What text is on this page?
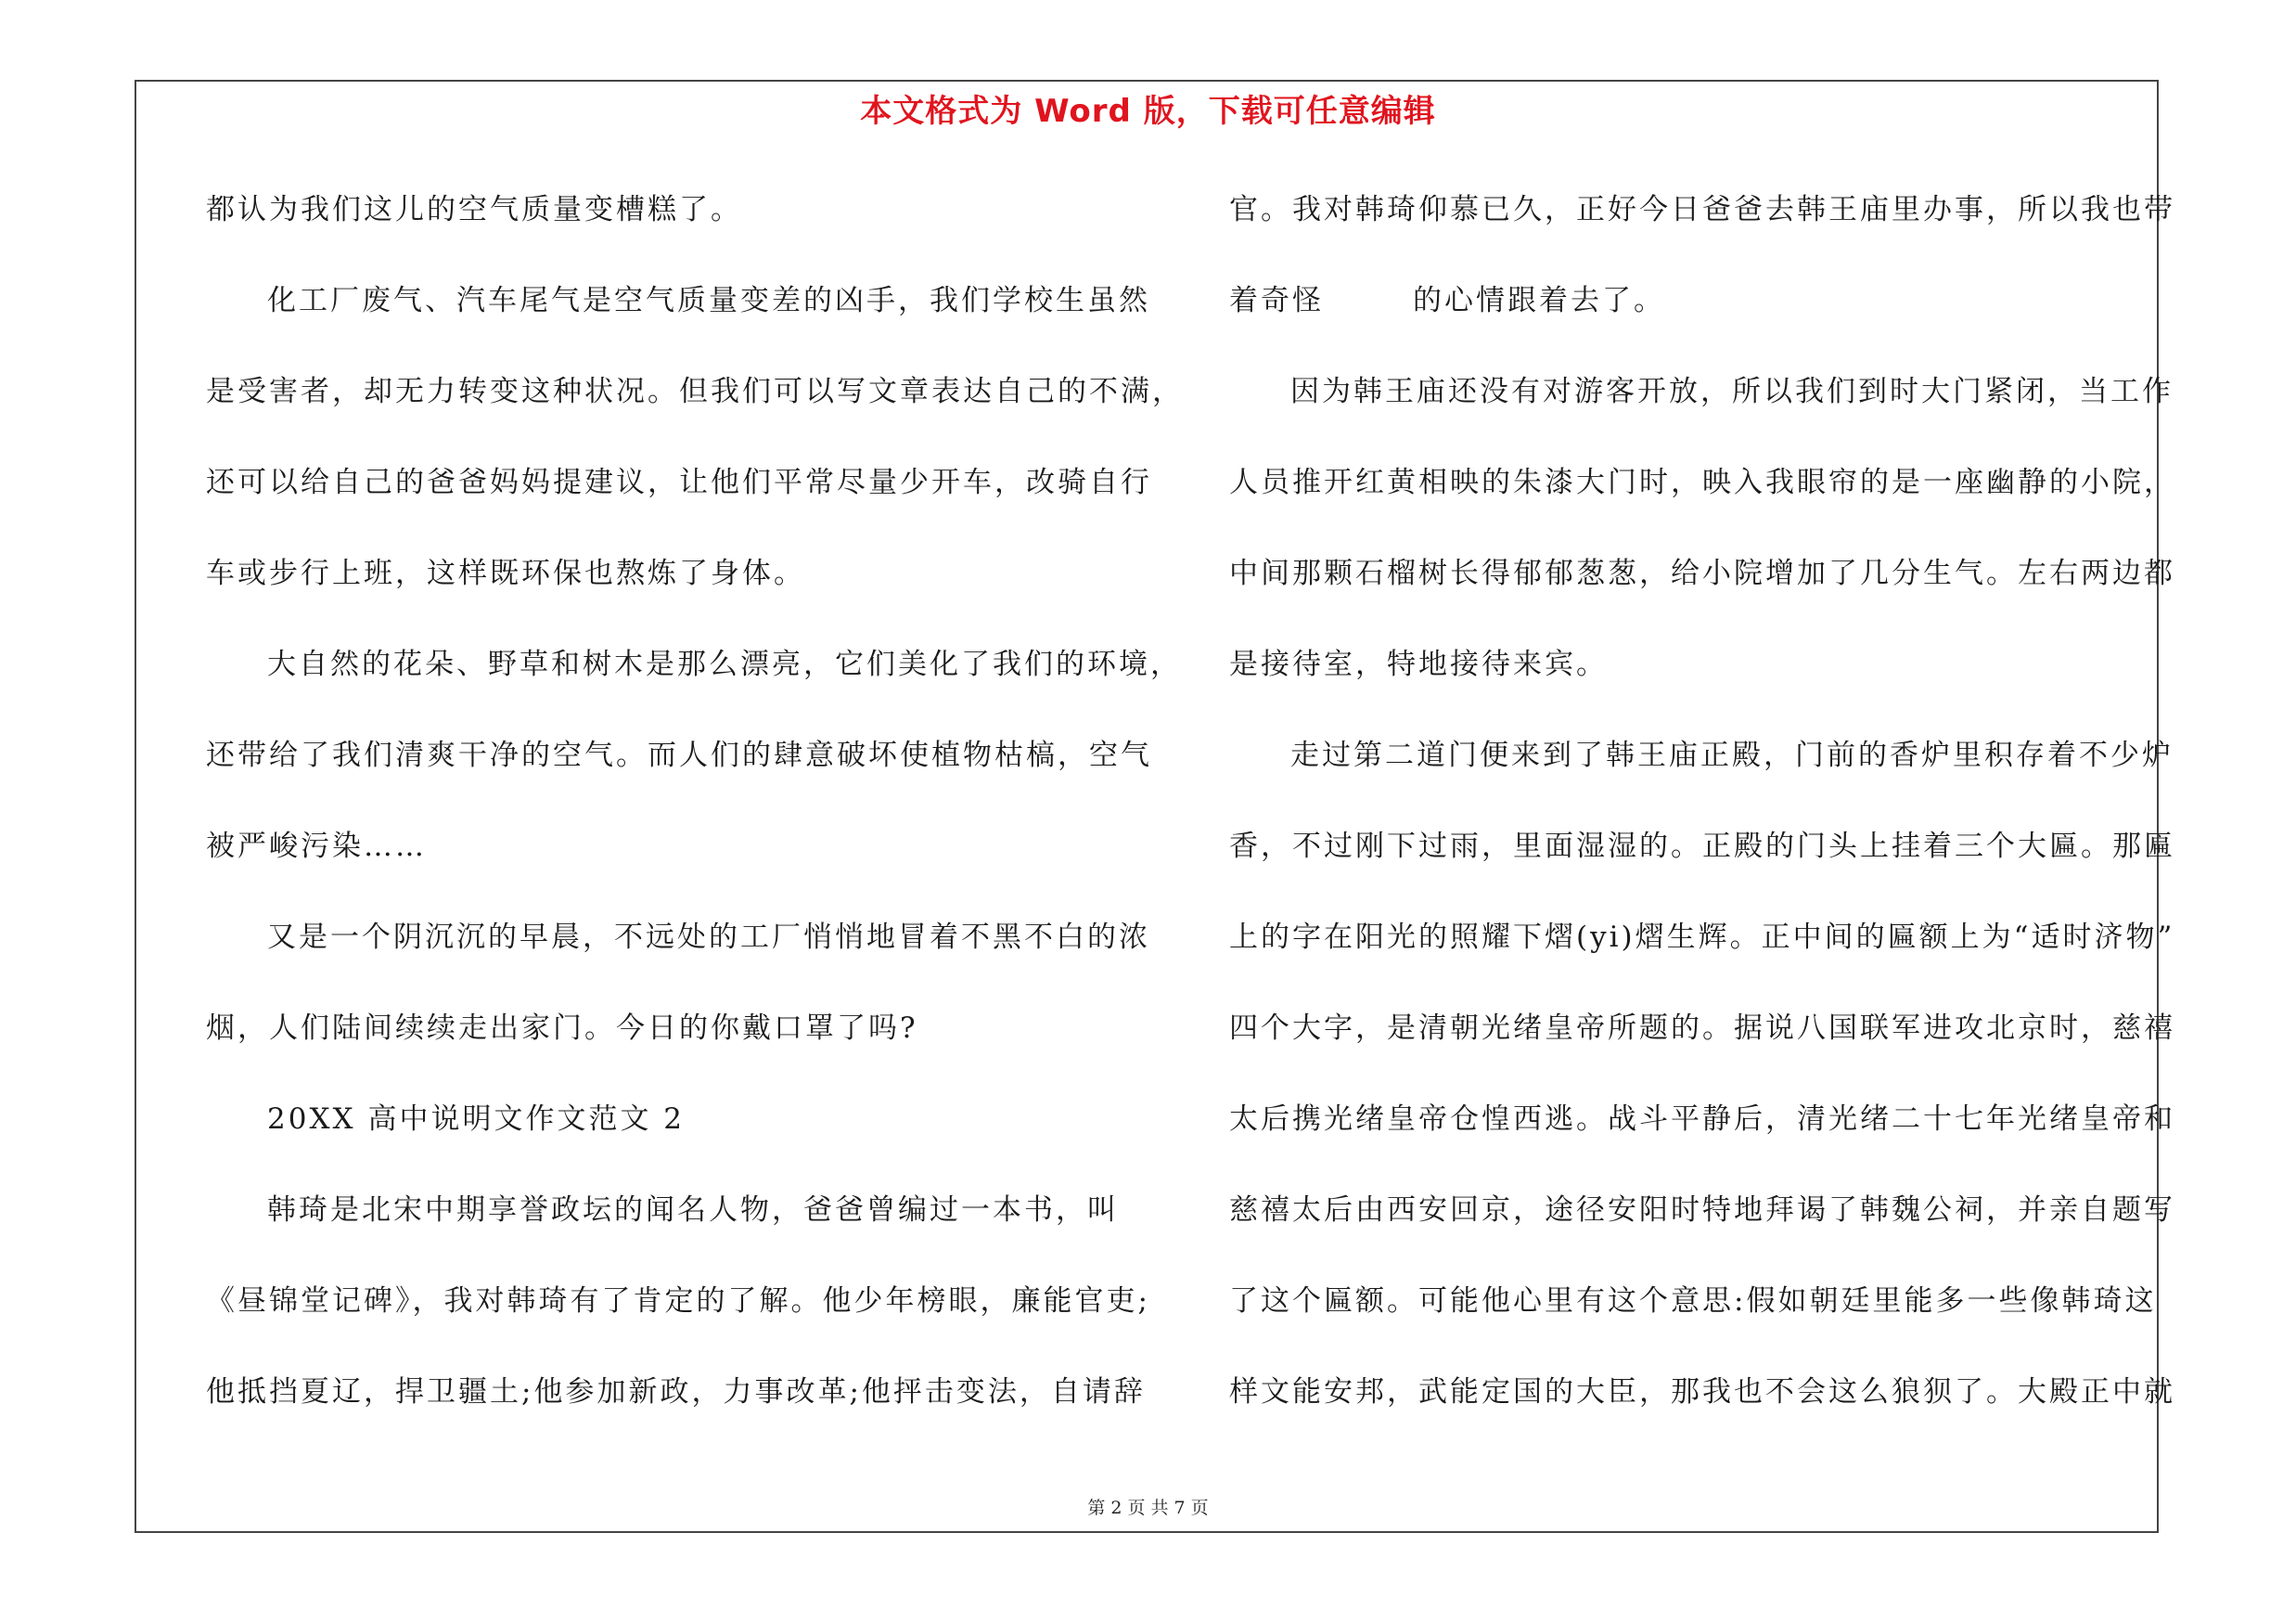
本文格式为 Word 版，下载可任意编辑
都认为我们这儿的空气质量变槽糕了。
化工厂废气、汽车尾气是空气质量变差的凶手，我们学校生虽然
是受害者，却无力转变这种状况。但我们可以写文章表达自己的不满，
还可以给自己的爸爸妈妈提建议，让他们平常尽量少开车，改骑自行
车或步行上班，这样既环保也熬炼了身体。
大自然的花朵、野草和树木是那么漂亮，它们美化了我们的环境，
还带给了我们清爽干净的空气。而人们的肆意破坏使植物枯槁，空气
被严峻污染……
又是一个阴沉沉的早晨，不远处的工厂悄悄地冒着不黑不白的浓
烟，人们陆间续续走出家门。今日的你戴口罩了吗?
20XX 高中说明文作文范文 2
韩琦是北宋中期享誉政坛的闻名人物，爸爸曾编过一本书，叫
《昼锦堂记碑》，我对韩琦有了肯定的了解。他少年榜眼，廉能官吏;
他抵挡夏辽，捍卫疆土;他参加新政，力事改革;他抨击变法，自请辞
官。我对韩琦仰慕已久，正好今日爸爸去韩王庙里办事，所以我也带
着奇怪	的心情跟着去了。
因为韩王庙还没有对游客开放，所以我们到时大门紧闭，当工作
人员推开红黄相映的朱漆大门时，映入我眼帘的是一座幽静的小院，
中间那颗石榴树长得郁郁葱葱，给小院增加了几分生气。左右两边都
是接待室，特地接待来宾。
走过第二道门便来到了韩王庙正殿，门前的香炉里积存着不少炉
香，不过刚下过雨，里面湿湿的。正殿的门头上挂着三个大匾。那匾
上的字在阳光的照耀下熠(yi)熠生辉。正中间的匾额上为“适时济物”
四个大字，是清朝光绪皇帝所题的。据说八国联军进攻北京时，慈禧
太后携光绪皇帝仓惶西逃。战斗平静后，清光绪二十七年光绪皇帝和
慈禧太后由西安回京，途径安阳时特地拜谒了韩魏公祠，并亲自题写
了这个匾额。可能他心里有这个意思:假如朝廷里能多一些像韩琦这
样文能安邦，武能定国的大臣，那我也不会这么狼狈了。大殿正中就
第 2 页 共 7 页
